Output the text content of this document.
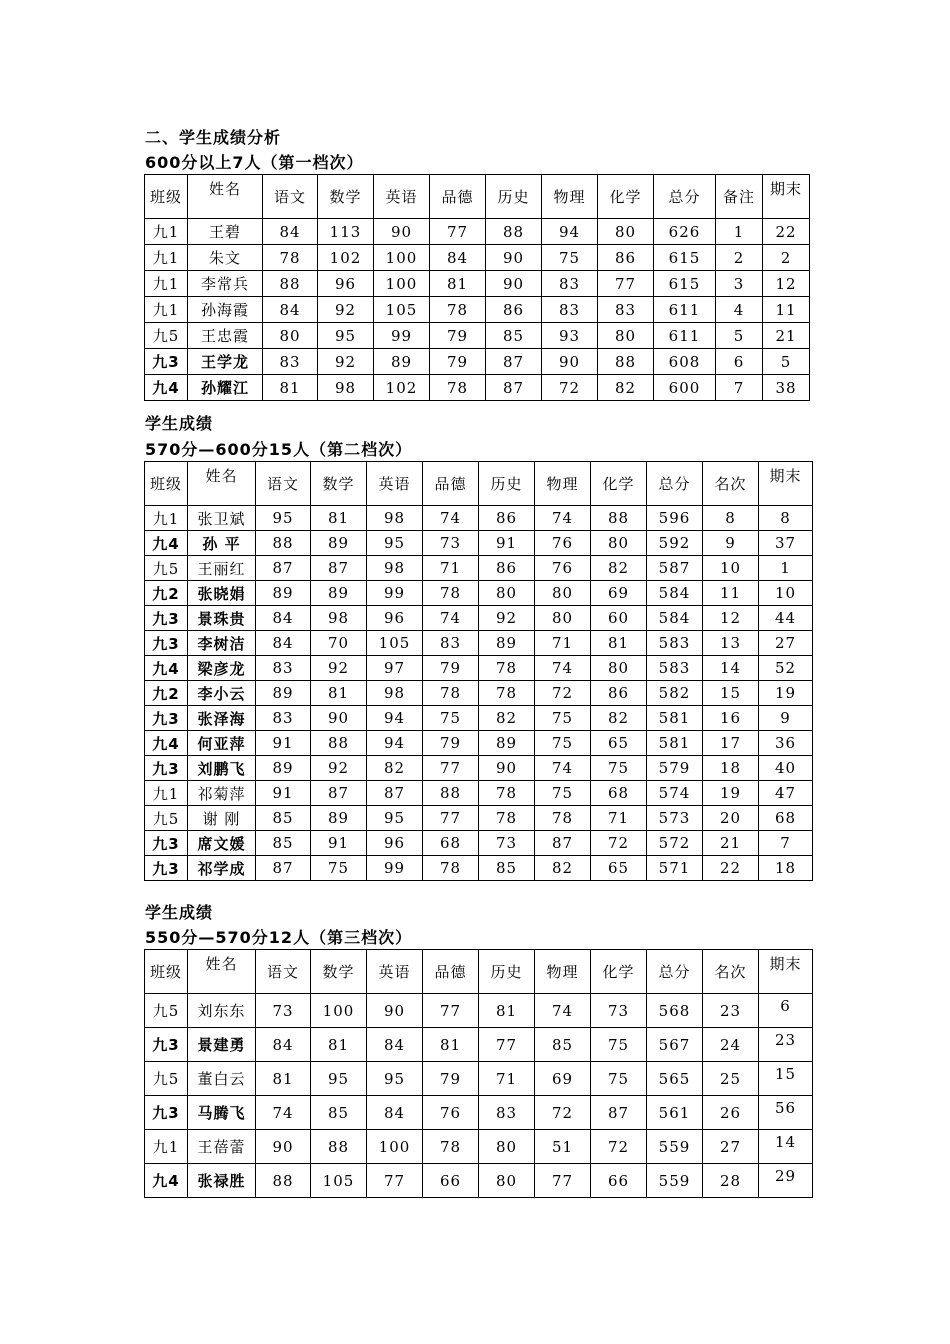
二、学生成绩分析
600分以上7人（第一档次）
班级	姓名	语文	数学	英语	品德	历史	物理	化学	总分	备注	期末
九1	王碧	84	113	90	77	88	94	80	626	1	22
九1	朱文	78	102	100	84	90	75	86	615	2	2
九1	李常兵	88	96	100	81	90	83	77	615	3	12
九1	孙海霞	84	92	105	78	86	83	83	611	4	11
九5	王忠霞	80	95	99	79	85	93	80	611	5	21
九3	王学龙	83	92	89	79	87	90	88	608	6	5
九4	孙耀江	81	98	102	78	87	72	82	600	7	38
学生成绩
570分—600分15人（第二档次）
班级	姓名	语文	数学	英语	品德	历史	物理	化学	总分	名次	期末
九1	张卫斌	95	81	98	74	86	74	88	596	8	8
九4	孙 平	88	89	95	73	91	76	80	592	9	37
九5	王丽红	87	87	98	71	86	76	82	587	10	1
九2	张晓娟	89	89	99	78	80	80	69	584	11	10
九3	景珠贵	84	98	96	74	92	80	60	584	12	44
九3	李树洁	84	70	105	83	89	71	81	583	13	27
九4	梁彦龙	83	92	97	79	78	74	80	583	14	52
九2	李小云	89	81	98	78	78	72	86	582	15	19
九3	张泽海	83	90	94	75	82	75	82	581	16	9
九4	何亚萍	91	88	94	79	89	75	65	581	17	36
九3	刘鹏飞	89	92	82	77	90	74	75	579	18	40
九1	祁菊萍	91	87	87	88	78	75	68	574	19	47
九5	谢 刚	85	89	95	77	78	78	71	573	20	68
九3	席文媛	85	91	96	68	73	87	72	572	21	7
九3	祁学成	87	75	99	78	85	82	65	571	22	18
学生成绩
550分—570分12人（第三档次）
班级	姓名	语文	数学	英语	品德	历史	物理	化学	总分	名次	期末
九5	刘东东	73	100	90	77	81	74	73	568	23	6
九3	景建勇	84	81	84	81	77	85	75	567	24	23
九5	董白云	81	95	95	79	71	69	75	565	25	15
九3	马腾飞	74	85	84	76	83	72	87	561	26	56
九1	王蓓蕾	90	88	100	78	80	51	72	559	27	14
九4	张禄胜	88	105	77	66	80	77	66	559	28	29
